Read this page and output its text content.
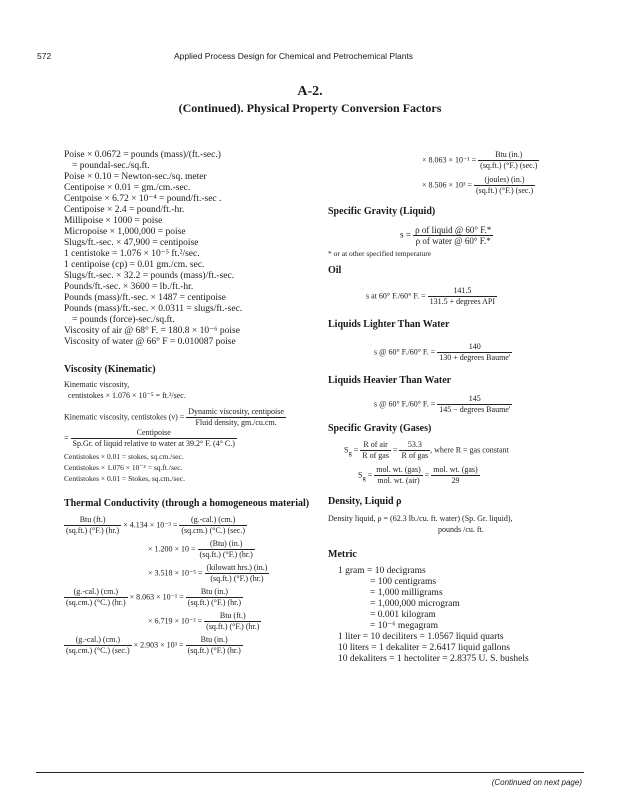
572	Applied Process Design for Chemical and Petrochemical Plants
A-2.
(Continued). Physical Property Conversion Factors
Poise × 0.0672 = pounds (mass)/(ft.-sec.)
= poundal-sec./sq.ft.
Poise × 0.10 = Newton-sec./sq. meter
Centipoise × 0.01 = gm./cm.-sec.
Centpoise × 6.72 × 10⁻⁴ = pound/ft.-sec .
Centipoise × 2.4 = pound/ft.-hr.
Millipoise × 1000 = poise
Micropoise × 1,000,000 = poise
Slugs/ft.-sec. × 47,900 = centipoise
1 centistoke = 1.076 × 10⁻⁵ ft.²/sec.
1 centipoise (cp) = 0.01 gm./cm. sec.
Slugs/ft.-sec. × 32.2 = pounds (mass)/ft.-sec.
Pounds/ft.-sec. × 3600 = lb./ft.-hr.
Pounds (mass)/ft.-sec. × 1487 = centipoise
Pounds (mass)/ft.-sec. × 0.0311 = slugs/ft.-sec.
= pounds (force)-sec./sq.ft.
Viscosity of air @ 68° F. = 180.8 × 10⁻⁶ poise
Viscosity of water @ 66° F = 0.010087 poise
Viscosity (Kinematic)
Kinematic viscosity,
centistokes × 1.076 × 10⁻⁵ = ft.²/sec.
Kinematic viscosity, centistokes $(\nu) = \frac{\text{Dynamic viscosity, centipoise}}{\text{Fluid density, gm./cu.cm.}}$
= $\frac{\text{Centipoise}}{\text{Sp.Gr. of liquid relative to water at 39.2° F. (4° C.)}}$
Centistokes × 0.01 = stokes, sq.cm./sec.
Centistokes × 1.076 × 10⁻⁴ = sq.ft./sec.
Centistokes × 0.01 = Stokes, sq.cm./sec.
Thermal Conductivity (through a homogeneous material)
$\frac{\text{Btu (ft.)}}{(sq.ft.) (^\circ F.) (hr.)} \times 4.134 \times 10^{-3} = \frac{\text{(g.-cal.) (cm.)}}{(sq.cm.) (^\circ C.) (\sec.)}$
× $1.200 \times 10 = \frac{\text{(Btu) (in.)}}{(sq.ft.) (^\circ F.) (hr.)}$
× $3.518 \times 10^{-5} = \frac{\text{(kilowatt hrs.) (in.)}}{(sq.ft.) (^\circ F.) (hr.)}$
$\frac{\text{(g.-cal.) (cm.)}}{(sq.cm.) (^\circ C.) (hr.)} \times 8.063 \times 10^{-1} = \frac{\text{Btu (in.)}}{(sq.ft.) (^\circ F.) (hr.)}$
× $6.719 \times 10^{-2} = \frac{\text{Btu (ft.)}}{(sq.ft.) (^\circ F.) (hr.)}$
$\frac{\text{(g.-cal.) (cm.)}}{(sq.cm.) (^\circ C.) (\sec.)} \times 2.903 \times 10^3 = \frac{\text{Btu (in.)}}{(sq.ft.) (^\circ F.) (hr.)}$
× $8.063 \times 10^{-1} = \frac{\text{Btu (in.)}}{(sq.ft.) (^\circ F.) (\sec.)}$
× $8.506 \times 10^3 = \frac{\text{(joules) (in.)}}{(sq.ft.) (^\circ F.) (\sec.)}$
Specific Gravity (Liquid)
$s = \frac{\text{ρ of liquid @ 60° F.*}}{\text{ρ of water @ 60° F.*}}$
* or at other specified temperature
Oil
s at 60° F./60° F. = $\frac{141.5}{\text{131.5 + degrees API}}$
Liquids Lighter Than Water
s @ 60° F./60° F. = $\frac{140}{\text{130 + degrees Baume'}}$
Liquids Heavier Than Water
s @ 60° F./60° F. = $\frac{145}{\text{145 − degrees Baume'}}$
Specific Gravity (Gases)
$S_g = \frac{\text{R of air}}{\text{R of gas}} = \frac{53.3}{\text{R of gas}}$ , where R = gas constant
$S_g = \frac{\text{mol. wt. (gas)}}{\text{mol. wt. (air)}} = \frac{\text{mol. wt. (gas)}}{29}$
Density, Liquid ρ
Density liquid, ρ = (62.3 lb./cu. ft. water) (Sp. Gr. liquid),
pounds /cu. ft.
Metric
1 gram = 10 decigrams
= 100 centigrams
= 1,000 milligrams
= 1,000,000 microgram
= 0.001 kilogram
= 10⁻⁶ megagram
1 liter = 10 deciliters = 1.0567 liquid quarts
10 liters = 1 dekaliter = 2.6417 liquid gallons
10 dekaliters = 1 hectoliter = 2.8375 U. S. bushels
(Continued on next page)
